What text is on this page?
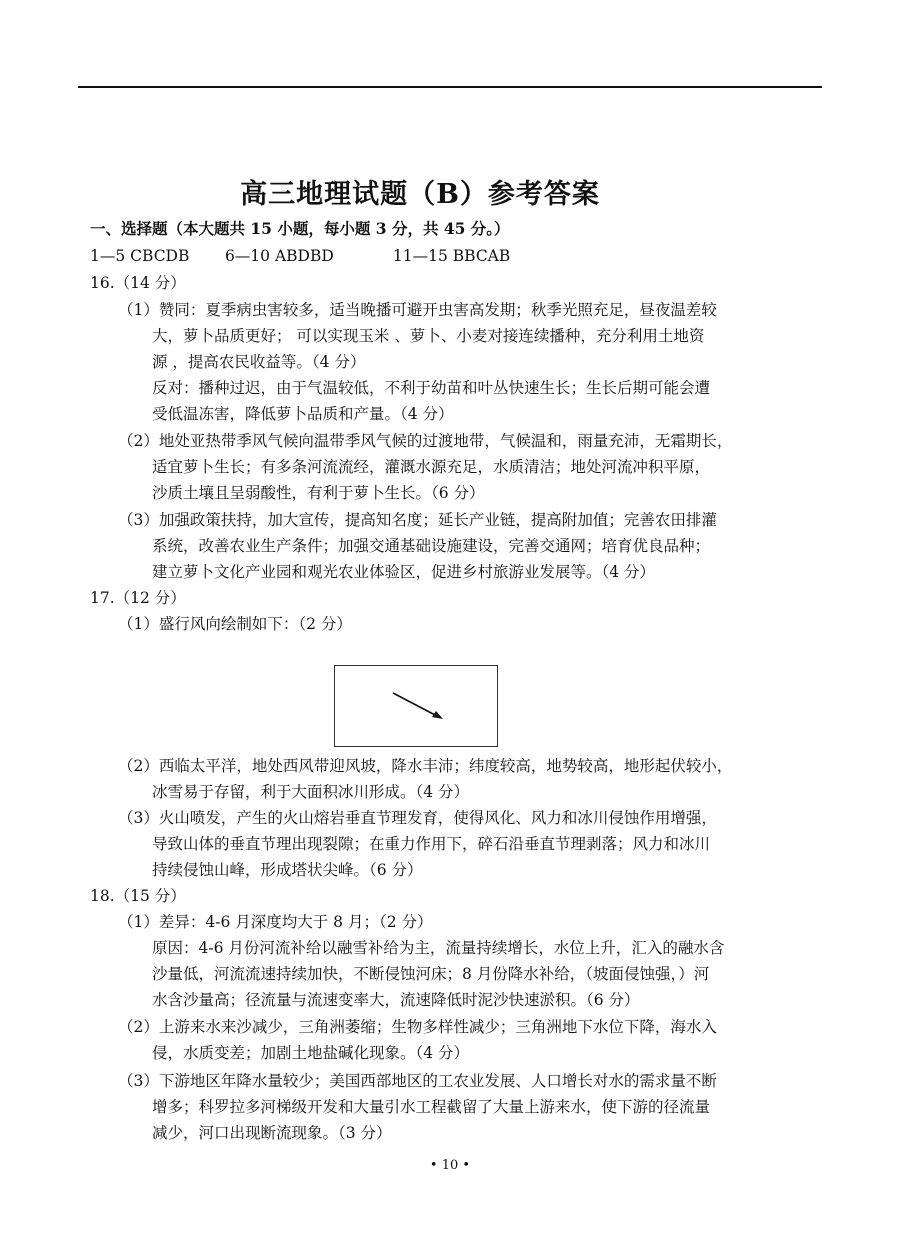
高三地理试题（B）参考答案
一、选择题（本大题共 15 小题，每小题 3 分，共 45 分。）
1—5 CBCDB 6—10 ABDBD	11—15 BBCAB
16.（14 分）
（1）赞同：夏季病虫害较多，适当晚播可避开虫害高发期；秋季光照充足，昼夜温差较
大，萝卜品质更好； 可以实现玉米 、萝卜、小麦对接连续播种，充分利用土地资
源 ，提高农民收益等。（4 分）
反对：播种过迟，由于气温较低，不利于幼苗和叶丛快速生长；生长后期可能会遭
受低温冻害，降低萝卜品质和产量。（4 分）
（2）地处亚热带季风气候向温带季风气候的过渡地带，气候温和，雨量充沛，无霜期长，
适宜萝卜生长；有多条河流流经，灌溉水源充足，水质清洁；地处河流冲积平原，
沙质土壤且呈弱酸性，有利于萝卜生长。（6 分）
（3）加强政策扶持，加大宣传，提高知名度；延长产业链，提高附加值；完善农田排灌
系统，改善农业生产条件；加强交通基础设施建设，完善交通网；培育优良品种；
建立萝卜文化产业园和观光农业体验区，促进乡村旅游业发展等。（4 分）
17.（12 分）
（1）盛行风向绘制如下：（2 分）
（2）西临太平洋，地处西风带迎风坡，降水丰沛；纬度较高，地势较高，地形起伏较小，
冰雪易于存留，利于大面积冰川形成。（4 分）
（3）火山喷发，产生的火山熔岩垂直节理发育，使得风化、风力和冰川侵蚀作用增强，
导致山体的垂直节理出现裂隙；在重力作用下，碎石沿垂直节理剥落；风力和冰川
持续侵蚀山峰，形成塔状尖峰。（6 分）
18.（15 分）
（1）差异：4-6 月深度均大于 8 月；（2 分）
原因：4-6 月份河流补给以融雪补给为主，流量持续增长，水位上升，汇入的融水含
沙量低，河流流速持续加快，不断侵蚀河床；8 月份降水补给，（坡面侵蚀强，）河
水含沙量高；径流量与流速变率大，流速降低时泥沙快速淤积。（6 分）
（2）上游来水来沙减少，三角洲萎缩；生物多样性减少；三角洲地下水位下降，海水入
侵，水质变差；加剧土地盐碱化现象。（4 分）
（3）下游地区年降水量较少；美国西部地区的工农业发展、人口增长对水的需求量不断
增多；科罗拉多河梯级开发和大量引水工程截留了大量上游来水，使下游的径流量
减少，河口出现断流现象。（3 分）
• 10 •
